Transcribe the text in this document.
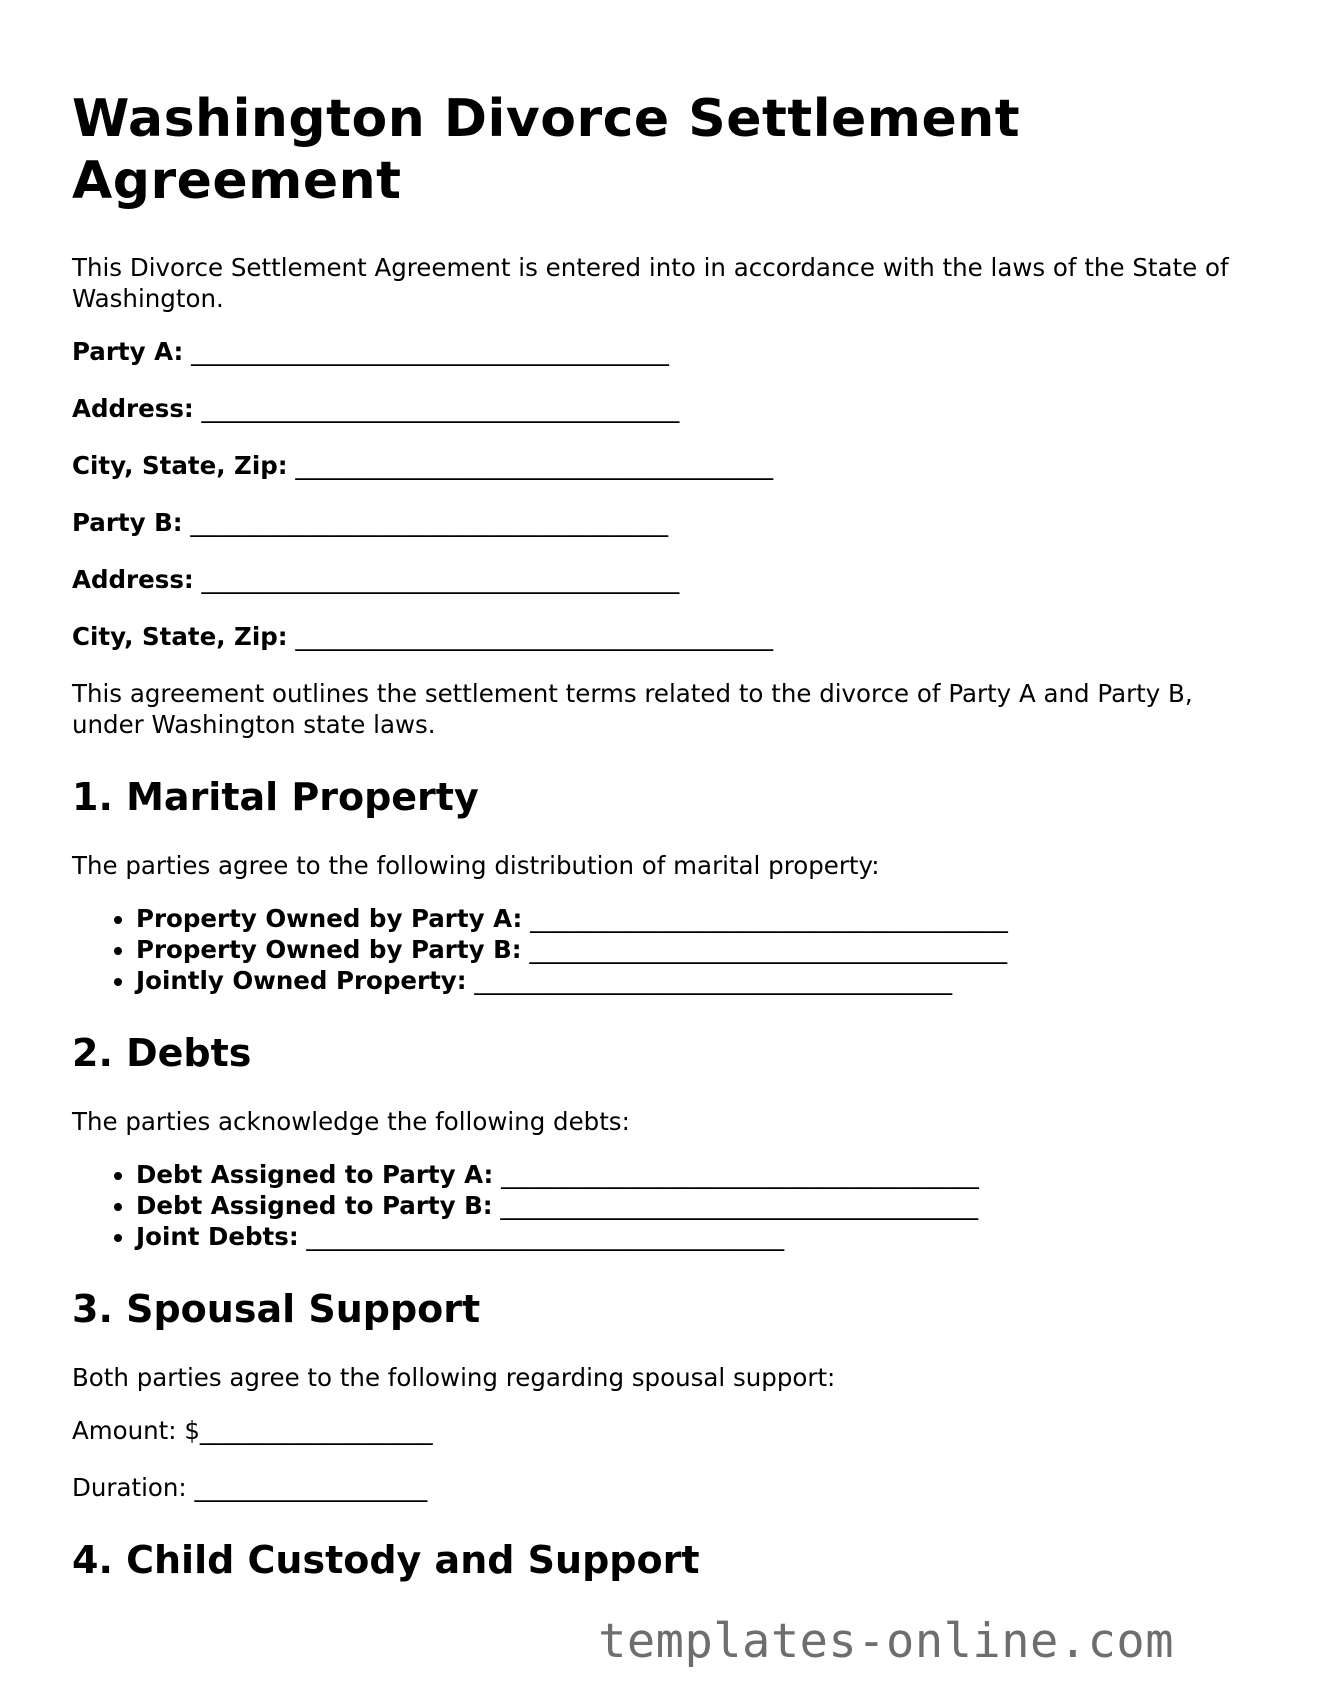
Washington Divorce Settlement Agreement

This Divorce Settlement Agreement is entered into in accordance with the laws of the State of Washington.

Party A: _______________________________________
Address: _______________________________________
City, State, Zip: _______________________________________
Party B: _______________________________________
Address: _______________________________________
City, State, Zip: _______________________________________

This agreement outlines the settlement terms related to the divorce of Party A and Party B, under Washington state laws.

1. Marital Property

The parties agree to the following distribution of marital property:

• Property Owned by Party A: _______________________________________
• Property Owned by Party B: _______________________________________
• Jointly Owned Property: _______________________________________
2. Debts

The parties acknowledge the following debts:

• Debt Assigned to Party A: _______________________________________
• Debt Assigned to Party B: _______________________________________
• Joint Debts: _______________________________________
3. Spousal Support

Both parties agree to the following regarding spousal support:

Amount: $___________________
Duration: ___________________
4. Child Custody and Support
templates-online.com
